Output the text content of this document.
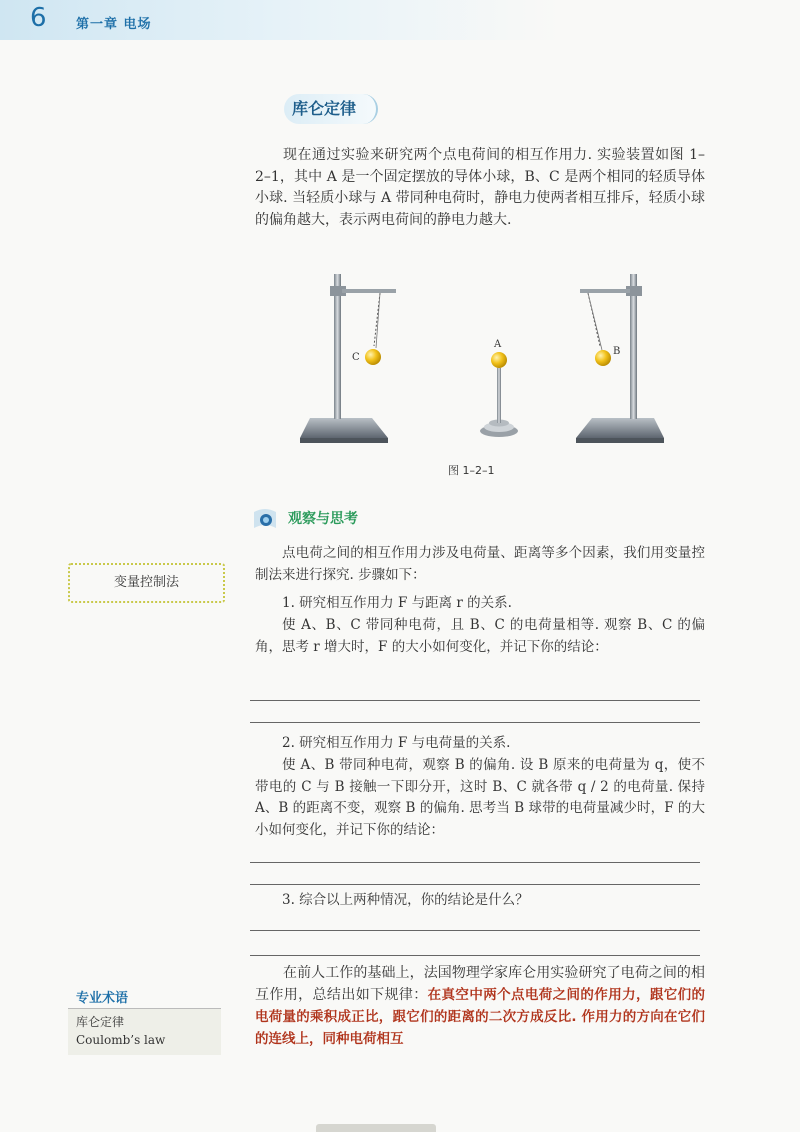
6 第一章 电场
库仑定律

现在通过实验来研究两个点电荷间的相互作用力. 实验装置如图 1–2–1，其中 A 是一个固定摆放的导体小球，B、C 是两个相同的轻质导体小球. 当轻质小球与 A 带同种电荷时，静电力使两者相互排斥，轻质小球的偏角越大，表示两电荷间的静电力越大.

C
A
B
图 1–2–1
观察与思考
变量控制法

点电荷之间的相互作用力涉及电荷量、距离等多个因素，我们用变量控制法来进行探究. 步骤如下：

1. 研究相互作用力 F 与距离 r 的关系.

使 A、B、C 带同种电荷，且 B、C 的电荷量相等. 观察 B、C 的偏角，思考 r 增大时，F 的大小如何变化，并记下你的结论：

2. 研究相互作用力 F 与电荷量的关系.

使 A、B 带同种电荷，观察 B 的偏角. 设 B 原来的电荷量为 q，使不带电的 C 与 B 接触一下即分开，这时 B、C 就各带 q / 2 的电荷量. 保持 A、B 的距离不变，观察 B 的偏角. 思考当 B 球带的电荷量减少时，F 的大小如何变化，并记下你的结论：

3. 综合以上两种情况，你的结论是什么？

在前人工作的基础上，法国物理学家库仑用实验研究了电荷之间的相互作用，总结出如下规律：在真空中两个点电荷之间的作用力，跟它们的电荷量的乘积成正比，跟它们的距离的二次方成反比. 作用力的方向在它们的连线上，同种电荷相互

专业术语
库仑定律
Coulomb’s law
